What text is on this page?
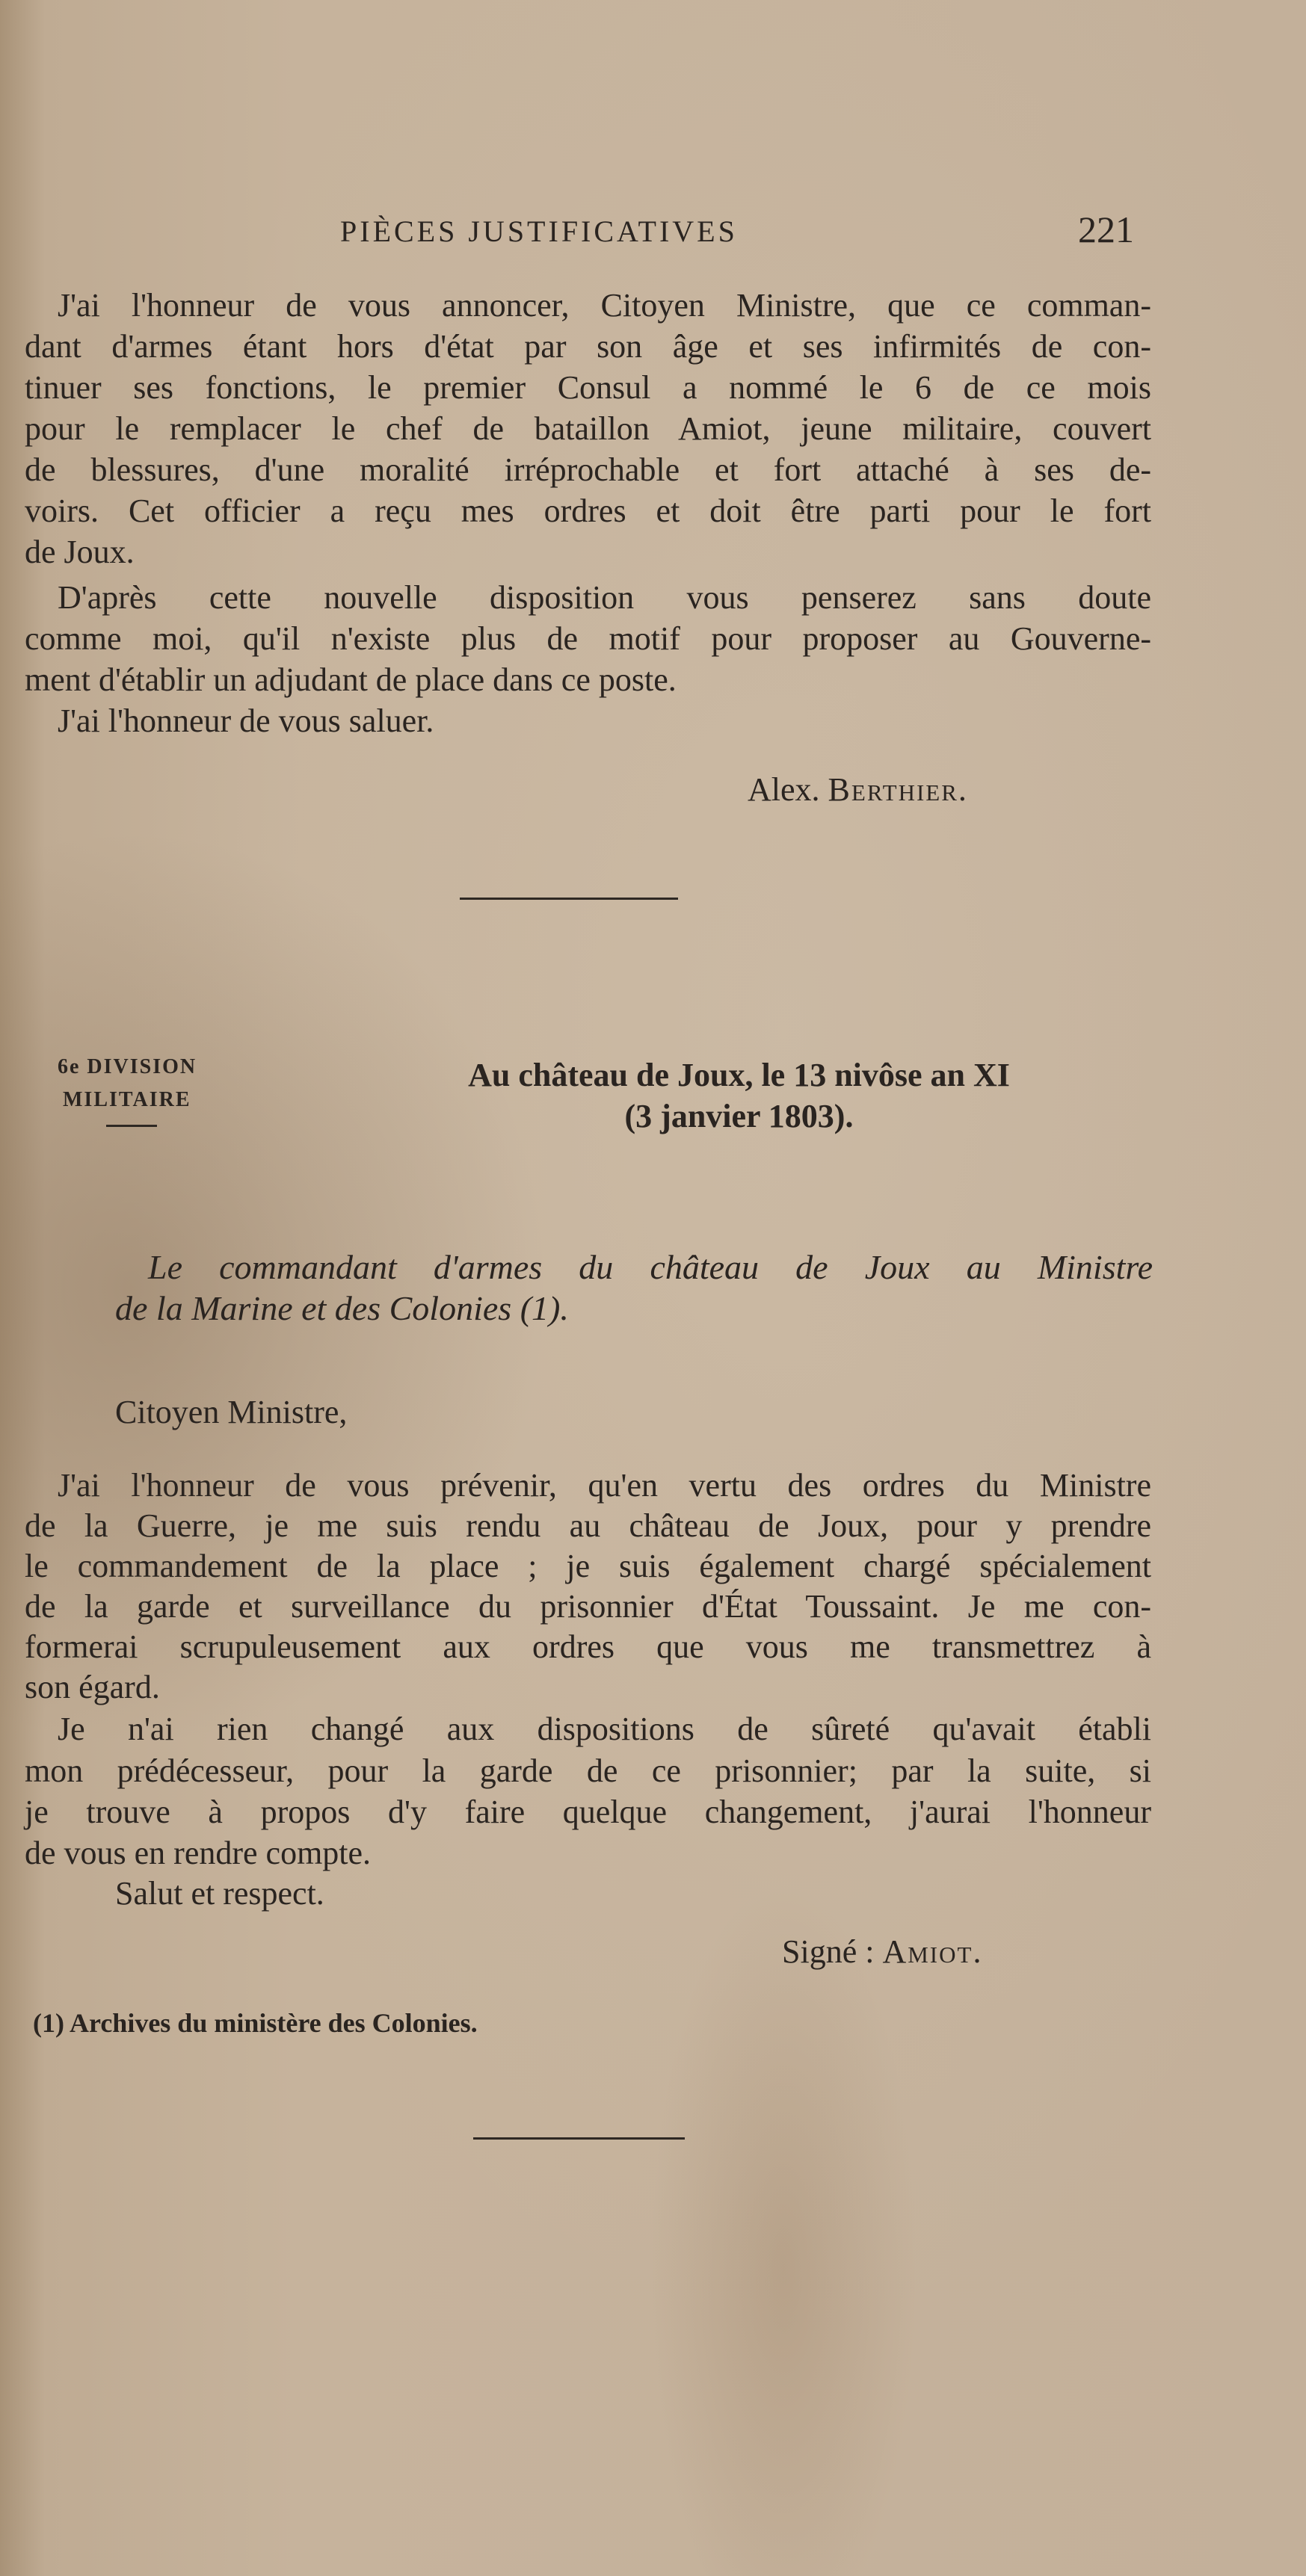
PIÈCES JUSTIFICATIVES	221
J'ai l'honneur de vous annoncer, Citoyen Ministre, que ce comman-
dant d'armes étant hors d'état par son âge et ses infirmités de con-
tinuer ses fonctions, le premier Consul a nommé le 6 de ce mois
pour le remplacer le chef de bataillon Amiot, jeune militaire, couvert
de blessures, d'une moralité irréprochable et fort attaché à ses de-
voirs. Cet officier a reçu mes ordres et doit être parti pour le fort
de Joux.
D'après cette nouvelle disposition vous penserez sans doute
comme moi, qu'il n'existe plus de motif pour proposer au Gouverne-
ment d'établir un adjudant de place dans ce poste.
J'ai l'honneur de vous saluer.
Alex. Berthier.
6e DIVISION
MILITAIRE
Au château de Joux, le 13 nivôse an XI
(3 janvier 1803).
Le commandant d'armes du château de Joux au Ministre
de la Marine et des Colonies (1).
Citoyen Ministre,
J'ai l'honneur de vous prévenir, qu'en vertu des ordres du Ministre
de la Guerre, je me suis rendu au château de Joux, pour y prendre
le commandement de la place ; je suis également chargé spécialement
de la garde et surveillance du prisonnier d'État Toussaint. Je me con-
formerai scrupuleusement aux ordres que vous me transmettrez à
son égard.
Je n'ai rien changé aux dispositions de sûreté qu'avait établi
mon prédécesseur, pour la garde de ce prisonnier; par la suite, si
je trouve à propos d'y faire quelque changement, j'aurai l'honneur
de vous en rendre compte.
Salut et respect.
Signé : Amiot.
(1) Archives du ministère des Colonies.
